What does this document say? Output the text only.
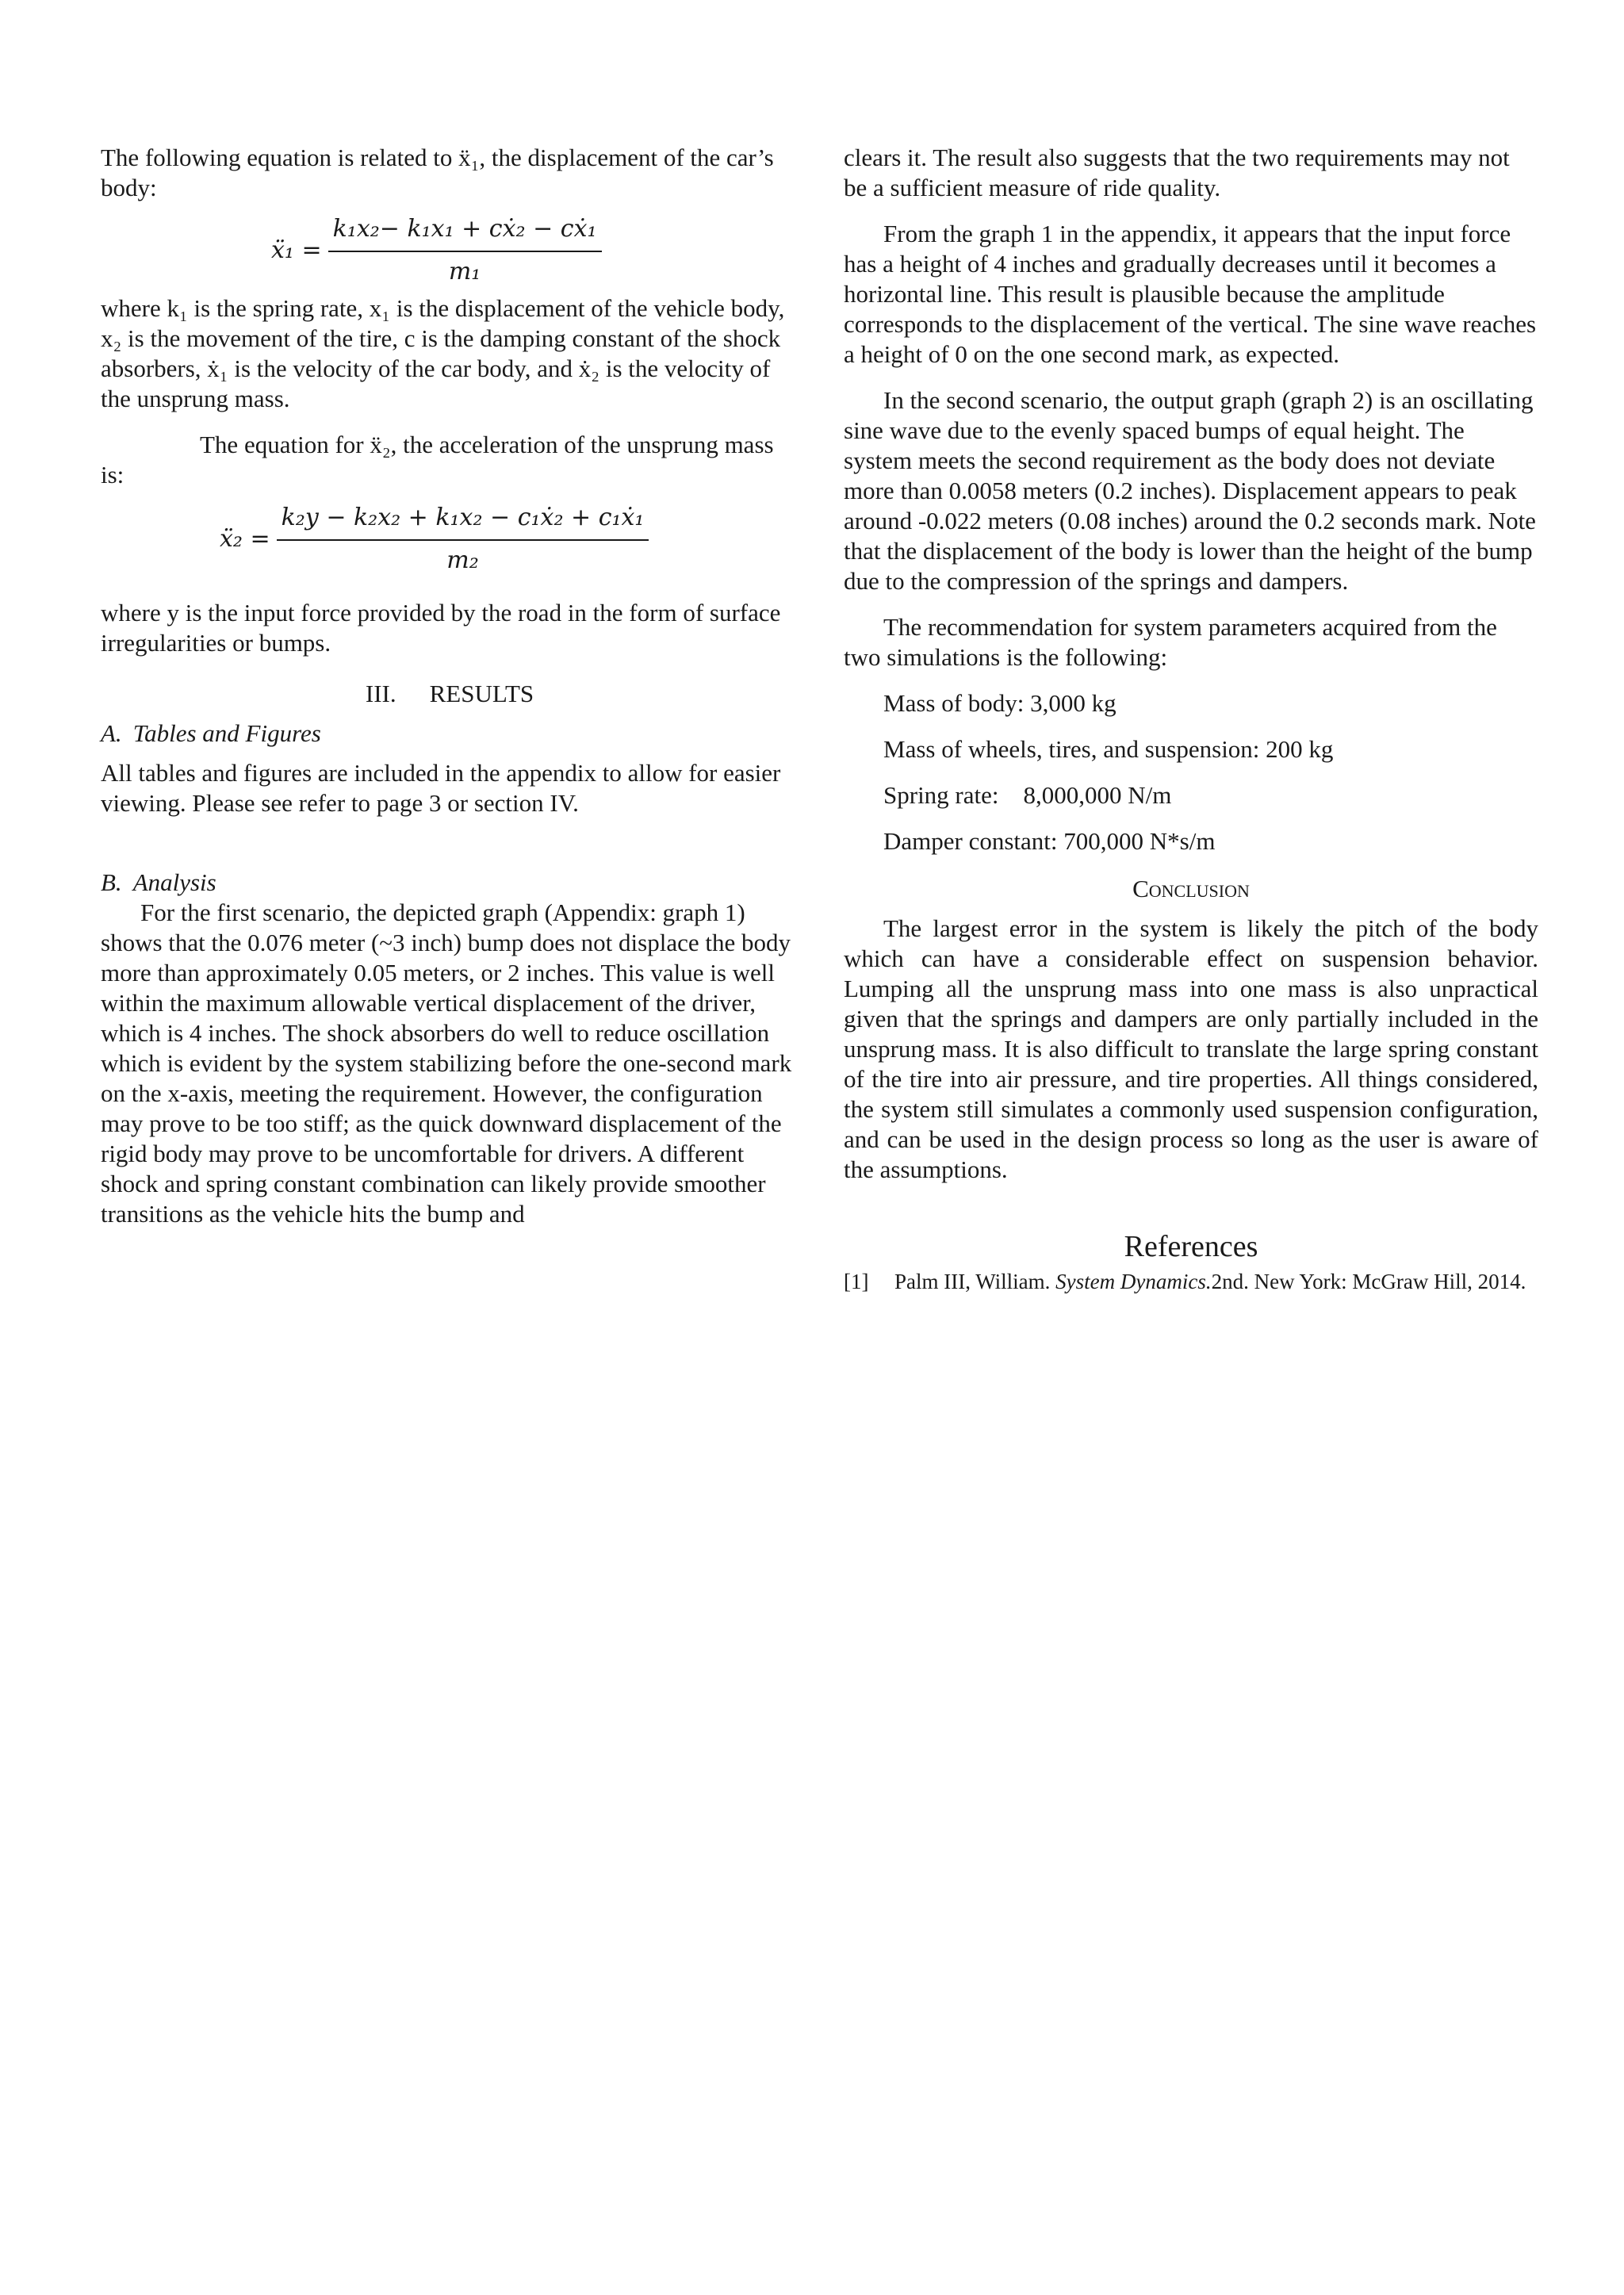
The following equation is related to ẍ₁, the displacement of the car’s body:

ẍ₁ = $\frac{\text{k₁x₂− k₁x₁ + cẋ₂ − cẋ₁}}{\text{m₁}}$

where k₁ is the spring rate, x₁ is the displacement of the vehicle body, x₂ is the movement of the tire, c is the damping constant of the shock absorbers, ẋ₁ is the velocity of the car body, and ẋ₂ is the velocity of the unsprung mass.

The equation for ẍ₂, the acceleration of the unsprung mass is:

ẍ₂ = $\frac{\text{k₂y − k₂x₂ + k₁x₂ − c₁ẋ₂ + c₁ẋ₁}}{\text{m₂}}$

where y is the input force provided by the road in the form of surface irregularities or bumps.

III. RESULTS
A. Tables and Figures

All tables and figures are included in the appendix to allow for easier viewing. Please see refer to page 3 or section IV.

B. Analysis

For the first scenario, the depicted graph (Appendix: graph 1) shows that the 0.076 meter (~3 inch) bump does not displace the body more than approximately 0.05 meters, or 2 inches. This value is well within the maximum allowable vertical displacement of the driver, which is 4 inches. The shock absorbers do well to reduce oscillation which is evident by the system stabilizing before the one-second mark on the x-axis, meeting the requirement. However, the configuration may prove to be too stiff; as the quick downward displacement of the rigid body may prove to be uncomfortable for drivers. A different shock and spring constant combination can likely provide smoother transitions as the vehicle hits the bump and

clears it. The result also suggests that the two requirements may not be a sufficient measure of ride quality.

From the graph 1 in the appendix, it appears that the input force has a height of 4 inches and gradually decreases until it becomes a horizontal line. This result is plausible because the amplitude corresponds to the displacement of the vertical. The sine wave reaches a height of 0 on the one second mark, as expected.

In the second scenario, the output graph (graph 2) is an oscillating sine wave due to the evenly spaced bumps of equal height. The system meets the second requirement as the body does not deviate more than 0.0058 meters (0.2 inches). Displacement appears to peak around -0.022 meters (0.08 inches) around the 0.2 seconds mark. Note that the displacement of the body is lower than the height of the bump due to the compression of the springs and dampers.

The recommendation for system parameters acquired from the two simulations is the following:

Mass of body: 3,000 kg

Mass of wheels, tires, and suspension: 200 kg

Spring rate:    8,000,000 N/m

Damper constant: 700,000 N*s/m

Conclusion

The largest error in the system is likely the pitch of the body which can have a considerable effect on suspension behavior. Lumping all the unsprung mass into one mass is also unpractical given that the springs and dampers are only partially included in the unsprung mass. It is also difficult to translate the large spring constant of the tire into air pressure, and tire properties. All things considered, the system still simulates a commonly used suspension configuration, and can be used in the design process so long as the user is aware of the assumptions.

References
[1]	Palm III, William. System Dynamics.2nd. New York: McGraw Hill, 2014.
